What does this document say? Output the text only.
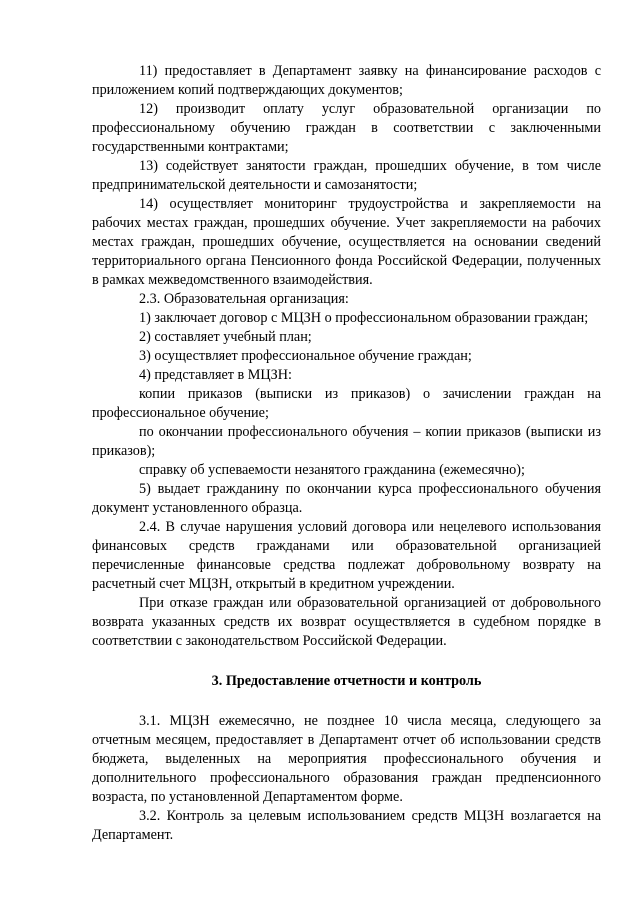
11) предоставляет в Департамент заявку на финансирование расходов с приложением копий подтверждающих документов;

12) производит оплату услуг образовательной организации по профессиональному обучению граждан в соответствии с заключенными государственными контрактами;

13) содействует занятости граждан, прошедших обучение, в том числе предпринимательской деятельности и самозанятости;

14) осуществляет мониторинг трудоустройства и закрепляемости на рабочих местах граждан, прошедших обучение. Учет закрепляемости на рабочих местах граждан, прошедших обучение, осуществляется на основании сведений территориального органа Пенсионного фонда Российской Федерации, полученных в рамках межведомственного взаимодействия.

2.3. Образовательная организация:

1) заключает договор с МЦЗН о профессиональном образовании граждан;

2) составляет учебный план;

3) осуществляет профессиональное обучение граждан;

4) представляет в МЦЗН:

копии приказов (выписки из приказов) о зачислении граждан на профессиональное обучение;

по окончании профессионального обучения – копии приказов (выписки из приказов);

справку об успеваемости незанятого гражданина (ежемесячно);

5) выдает гражданину по окончании курса профессионального обучения документ установленного образца.

2.4. В случае нарушения условий договора или нецелевого использования финансовых средств гражданами или образовательной организацией перечисленные финансовые средства подлежат добровольному возврату на расчетный счет МЦЗН, открытый в кредитном учреждении.

При отказе граждан или образовательной организацией от добровольного возврата указанных средств их возврат осуществляется в судебном порядке в соответствии с законодательством Российской Федерации.

3. Предоставление отчетности и контроль

3.1. МЦЗН ежемесячно, не позднее 10 числа месяца, следующего за отчетным месяцем, предоставляет в Департамент отчет об использовании средств бюджета, выделенных на мероприятия профессионального обучения и дополнительного профессионального образования граждан предпенсионного возраста, по установленной Департаментом форме.

3.2. Контроль за целевым использованием средств МЦЗН возлагается на Департамент.
